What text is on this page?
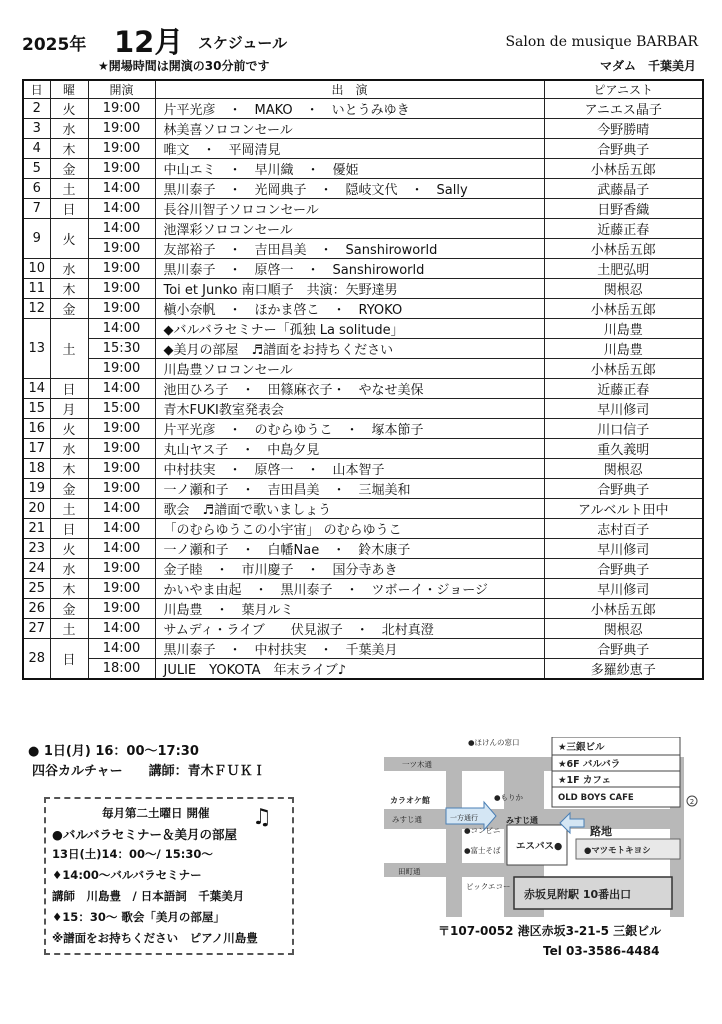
2025年 12月 スケジュール	Salon de musique BARBAR
★開場時間は開演の30分前です	マダム　千葉美月
日	曜	開演	出　演	ピアニスト
2	火	19:00	片平光彦　・　MAKO　・　いとうみゆき	アニエス晶子
3	水	19:00	林美喜ソロコンセール	今野勝晴
4	木	19:00	唯文　・　平岡清見	合野典子
5	金	19:00	中山エミ　・　早川織　・　優姫	小林岳五郎
6	土	14:00	黒川泰子　・　光岡典子　・　隠岐文代　・　Sally	武藤晶子
7	日	14:00	長谷川智子ソロコンセール	日野香織
9	火	14:00	池澤彩ソロコンセール	近藤正春
		19:00	友部裕子　・　吉田昌美　・　Sanshiroworld	小林岳五郎
10	水	19:00	黒川泰子　・　原啓一　・　Sanshiroworld	土肥弘明
11	木	19:00	Toi et Junko 南口順子　共演：矢野達男	関根忍
12	金	19:00	槇小奈帆　・　ほかま啓こ　・　RYOKO	小林岳五郎
13	土	14:00	◆バルバラセミナー「孤独 La solitude」	川島豊
		15:30	◆美月の部屋　♬譜面をお持ちください	川島豊
		19:00	川島豊ソロコンセール	小林岳五郎
14	日	14:00	池田ひろ子　・　田篠麻衣子・　やなせ美保	近藤正春
15	月	15:00	青木FUKI教室発表会	早川修司
16	火	19:00	片平光彦　・　のむらゆうこ　・　塚本節子	川口信子
17	水	19:00	丸山ヤス子　・　中島夕見	重久義明
18	木	19:00	中村扶実　・　原啓一　・　山本智子	関根忍
19	金	19:00	一ノ瀬和子　・　吉田昌美　・　三堀美和	合野典子
20	土	14:00	歌会　♬譜面で歌いましょう	アルベルト田中
21	日	14:00	「のむらゆうこの小宇宙」 のむらゆうこ	志村百子
23	火	14:00	一ノ瀬和子　・　白幡Nae　・　鈴木康子	早川修司
24	水	19:00	金子睦　・　市川慶子　・　国分寺あき	合野典子
25	木	19:00	かいやま由起　・　黒川泰子　・　ツボーイ・ジョージ	早川修司
26	金	19:00	川島豊　・　葉月ルミ	小林岳五郎
27	土	14:00	サムディ・ライブ　　伏見淑子　・　北村真澄	関根忍
28	日	14:00	黒川泰子　・　中村扶実　・　千葉美月	合野典子
		18:00	JULIE　YOKOTA　年末ライブ♪	多羅紗恵子
● 1日(月) 16：00〜17:30
四谷カルチャー　　講師：青木ＦＵＫＩ
毎月第二土曜日 開催 ♫
●バルバラセミナー＆美月の部屋
13日(土)14：00〜/ 15:30〜
♦14:00〜バルバラセミナー
講師　川島豊　/ 日本語詞　千葉美月
♦15：30〜 歌会「美月の部屋」
※譜面をお持ちください　ピアノ川島豊
2
●ほけんの窓口
一ツ木通
★三銀ビル
★6F バルバラ
★1F カフェ
OLD BOYS CAFE
●もりか
カラオケ館
みすじ通	一方通行	みすじ通
●コンビニ
●富士そば エスパス●
路地
●マツモトキヨシ
田町通
ビックエコー
赤坂見附駅 10番出口
〒107-0052 港区赤坂3-21-5 三銀ビル
Tel 03-3586-4484
